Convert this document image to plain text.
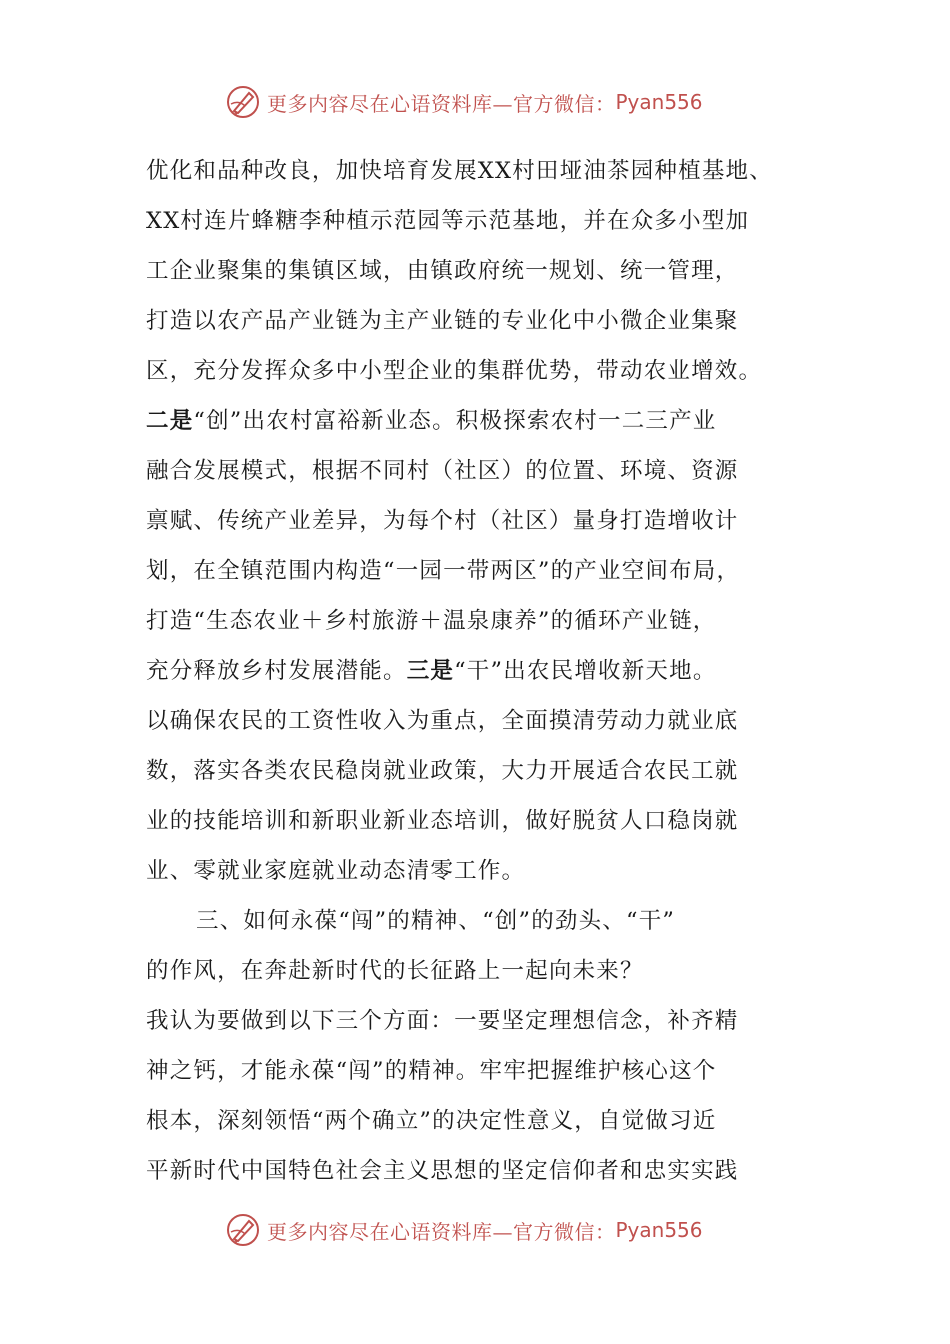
更多内容尽在心语资料库—官方微信： Pyan556
优化和品种改良，加快培育发展XX村田垭油茶园种植基地、
XX村连片蜂糖李种植示范园等示范基地，并在众多小型加
工企业聚集的集镇区域，由镇政府统一规划、统一管理，
打造以农产品产业链为主产业链的专业化中小微企业集聚
区，充分发挥众多中小型企业的集群优势，带动农业增效。
二是“创”出农村富裕新业态。积极探索农村一二三产业
融合发展模式，根据不同村（社区）的位置、环境、资源
禀赋、传统产业差异，为每个村（社区）量身打造增收计
划，在全镇范围内构造“一园一带两区”的产业空间布局，
打造“生态农业＋乡村旅游＋温泉康养”的循环产业链，
充分释放乡村发展潜能。三是“干”出农民增收新天地。
以确保农民的工资性收入为重点，全面摸清劳动力就业底
数，落实各类农民稳岗就业政策，大力开展适合农民工就
业的技能培训和新职业新业态培训，做好脱贫人口稳岗就
业、零就业家庭就业动态清零工作。
三、如何永葆“闯”的精神、“创”的劲头、“干”
的作风，在奔赴新时代的长征路上一起向未来？
我认为要做到以下三个方面：一要坚定理想信念，补齐精
神之钙，才能永葆“闯”的精神。牢牢把握维护核心这个
根本，深刻领悟“两个确立”的决定性意义，自觉做习近
平新时代中国特色社会主义思想的坚定信仰者和忠实实践
更多内容尽在心语资料库—官方微信： Pyan556
